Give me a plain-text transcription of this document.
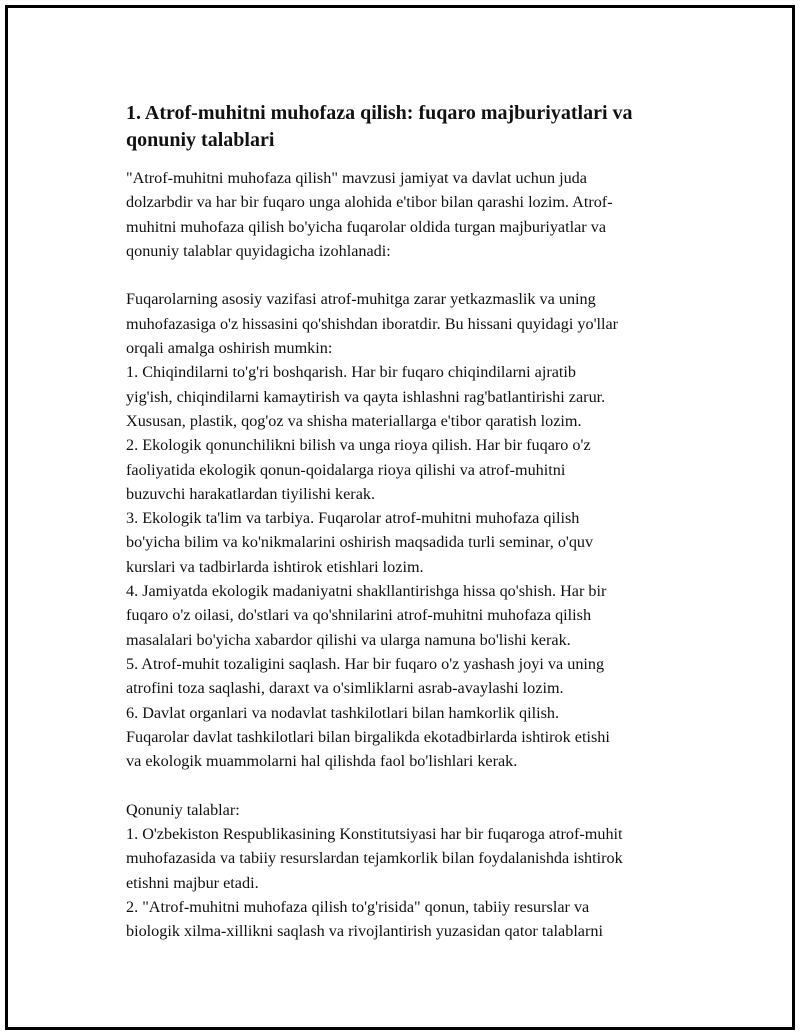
1. Atrof-muhitni muhofaza qilish: fuqaro majburiyatlari va
qonuniy talablari

"Atrof-muhitni muhofaza qilish" mavzusi jamiyat va davlat uchun juda
dolzarbdir va har bir fuqaro unga alohida e'tibor bilan qarashi lozim. Atrof-
muhitni muhofaza qilish bo'yicha fuqarolar oldida turgan majburiyatlar va
qonuniy talablar quyidagicha izohlanadi:

Fuqarolarning asosiy vazifasi atrof-muhitga zarar yetkazmaslik va uning
muhofazasiga o'z hissasini qo'shishdan iboratdir. Bu hissani quyidagi yo'llar
orqali amalga oshirish mumkin:
1. Chiqindilarni to'g'ri boshqarish. Har bir fuqaro chiqindilarni ajratib
yig'ish, chiqindilarni kamaytirish va qayta ishlashni rag'batlantirishi zarur.
Xususan, plastik, qog'oz va shisha materiallarga e'tibor qaratish lozim.
2. Ekologik qonunchilikni bilish va unga rioya qilish. Har bir fuqaro o'z
faoliyatida ekologik qonun-qoidalarga rioya qilishi va atrof-muhitni
buzuvchi harakatlardan tiyilishi kerak.
3. Ekologik ta'lim va tarbiya. Fuqarolar atrof-muhitni muhofaza qilish
bo'yicha bilim va ko'nikmalarini oshirish maqsadida turli seminar, o'quv
kurslari va tadbirlarda ishtirok etishlari lozim.
4. Jamiyatda ekologik madaniyatni shakllantirishga hissa qo'shish. Har bir
fuqaro o'z oilasi, do'stlari va qo'shnilarini atrof-muhitni muhofaza qilish
masalalari bo'yicha xabardor qilishi va ularga namuna bo'lishi kerak.
5. Atrof-muhit tozaligini saqlash. Har bir fuqaro o'z yashash joyi va uning
atrofini toza saqlashi, daraxt va o'simliklarni asrab-avaylashi lozim.
6. Davlat organlari va nodavlat tashkilotlari bilan hamkorlik qilish.
Fuqarolar davlat tashkilotlari bilan birgalikda ekotadbirlarda ishtirok etishi
va ekologik muammolarni hal qilishda faol bo'lishlari kerak.

Qonuniy talablar:
1. O'zbekiston Respublikasining Konstitutsiyasi har bir fuqaroga atrof-muhit
muhofazasida va tabiiy resurslardan tejamkorlik bilan foydalanishda ishtirok
etishni majbur etadi.
2. "Atrof-muhitni muhofaza qilish to'g'risida" qonun, tabiiy resurslar va
biologik xilma-xillikni saqlash va rivojlantirish yuzasidan qator talablarni
